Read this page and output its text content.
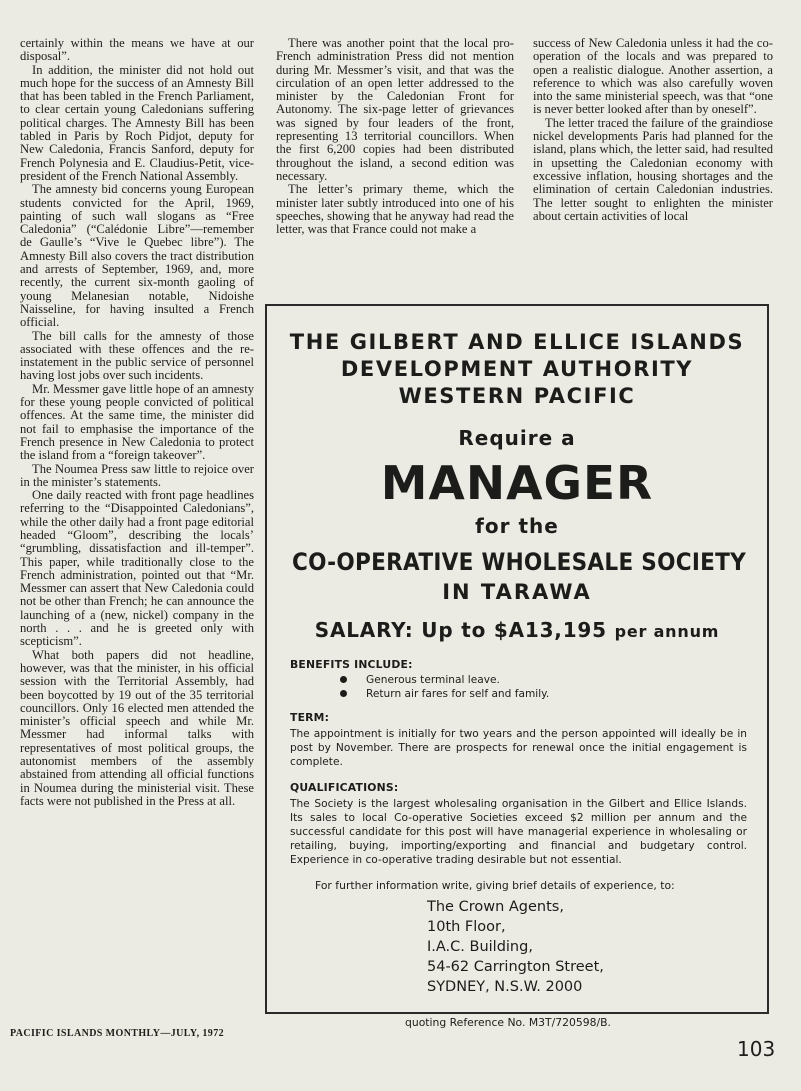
certainly within the means we have at our disposal”.

In addition, the minister did not hold out much hope for the success of an Amnesty Bill that has been tabled in the French Parliament, to clear certain young Caledonians suffering political charges. The Amnesty Bill has been tabled in Paris by Roch Pidjot, deputy for New Caledonia, Francis Sanford, deputy for French Polynesia and E. Claudius-Petit, vice-president of the French National Assembly.

The amnesty bid concerns young European students convicted for the April, 1969, painting of such wall slogans as “Free Caledonia” (“Calédonie Libre”—remember de Gaulle’s “Vive le Quebec libre”). The Amnesty Bill also covers the tract distribution and arrests of September, 1969, and, more recently, the current six-month gaoling of young Melanesian notable, Nidoishe Naisseline, for having insulted a French official.

The bill calls for the amnesty of those associated with these offences and the re-instatement in the public service of personnel having lost jobs over such incidents.

Mr. Messmer gave little hope of an amnesty for these young people convicted of political offences. At the same time, the minister did not fail to emphasise the importance of the French presence in New Caledonia to protect the island from a “foreign takeover”.

The Noumea Press saw little to rejoice over in the minister’s statements.

One daily reacted with front page headlines referring to the “Disappointed Caledonians”, while the other daily had a front page editorial headed “Gloom”, describing the locals’ “grumbling, dissatisfaction and ill-temper”. This paper, while traditionally close to the French administration, pointed out that “Mr. Messmer can assert that New Caledonia could not be other than French; he can announce the launching of a (new, nickel) company in the north . . . and he is greeted only with scepticism”.

What both papers did not headline, however, was that the minister, in his official session with the Territorial Assembly, had been boycotted by 19 out of the 35 territorial councillors. Only 16 elected men attended the minister’s official speech and while Mr. Messmer had informal talks with representatives of most political groups, the autonomist members of the assembly abstained from attending all official functions in Noumea during the ministerial visit. These facts were not published in the Press at all.

There was another point that the local pro-French administration Press did not mention during Mr. Messmer’s visit, and that was the circulation of an open letter addressed to the minister by the Caledonian Front for Autonomy. The six-page letter of grievances was signed by four leaders of the front, representing 13 territorial councillors. When the first 6,200 copies had been distributed throughout the island, a second edition was necessary.

The letter’s primary theme, which the minister later subtly introduced into one of his speeches, showing that he anyway had read the letter, was that France could not make a

success of New Caledonia unless it had the co-operation of the locals and was prepared to open a realistic dialogue. Another assertion, a reference to which was also carefully woven into the same ministerial speech, was that “one is never better looked after than by oneself”.

The letter traced the failure of the graindiose nickel developments Paris had planned for the island, plans which, the letter said, had resulted in upsetting the Caledonian economy with excessive inflation, housing shortages and the elimination of certain Caledonian industries. The letter sought to enlighten the minister about certain activities of local

THE GILBERT AND ELLICE ISLANDS
DEVELOPMENT AUTHORITY
WESTERN PACIFIC
Require a
MANAGER
for the
CO-OPERATIVE WHOLESALE SOCIETY
IN TARAWA
SALARY: Up to $A13,195 per annum
BENEFITS INCLUDE:
Generous terminal leave.
Return air fares for self and family.
TERM:

The appointment is initially for two years and the person appointed will ideally be in post by November. There are prospects for renewal once the initial engagement is complete.

QUALIFICATIONS:

The Society is the largest wholesaling organisation in the Gilbert and Ellice Islands. Its sales to local Co-operative Societies exceed $2 million per annum and the successful candidate for this post will have managerial experience in wholesaling or retailing, buying, importing/exporting and financial and budgetary control. Experience in co-operative trading desirable but not essential.

For further information write, giving brief details of experience, to:
The Crown Agents,
10th Floor,
I.A.C. Building,
54-62 Carrington Street,
SYDNEY, N.S.W. 2000
quoting Reference No. M3T/720598/B.
PACIFIC ISLANDS MONTHLY—JULY, 1972
103
